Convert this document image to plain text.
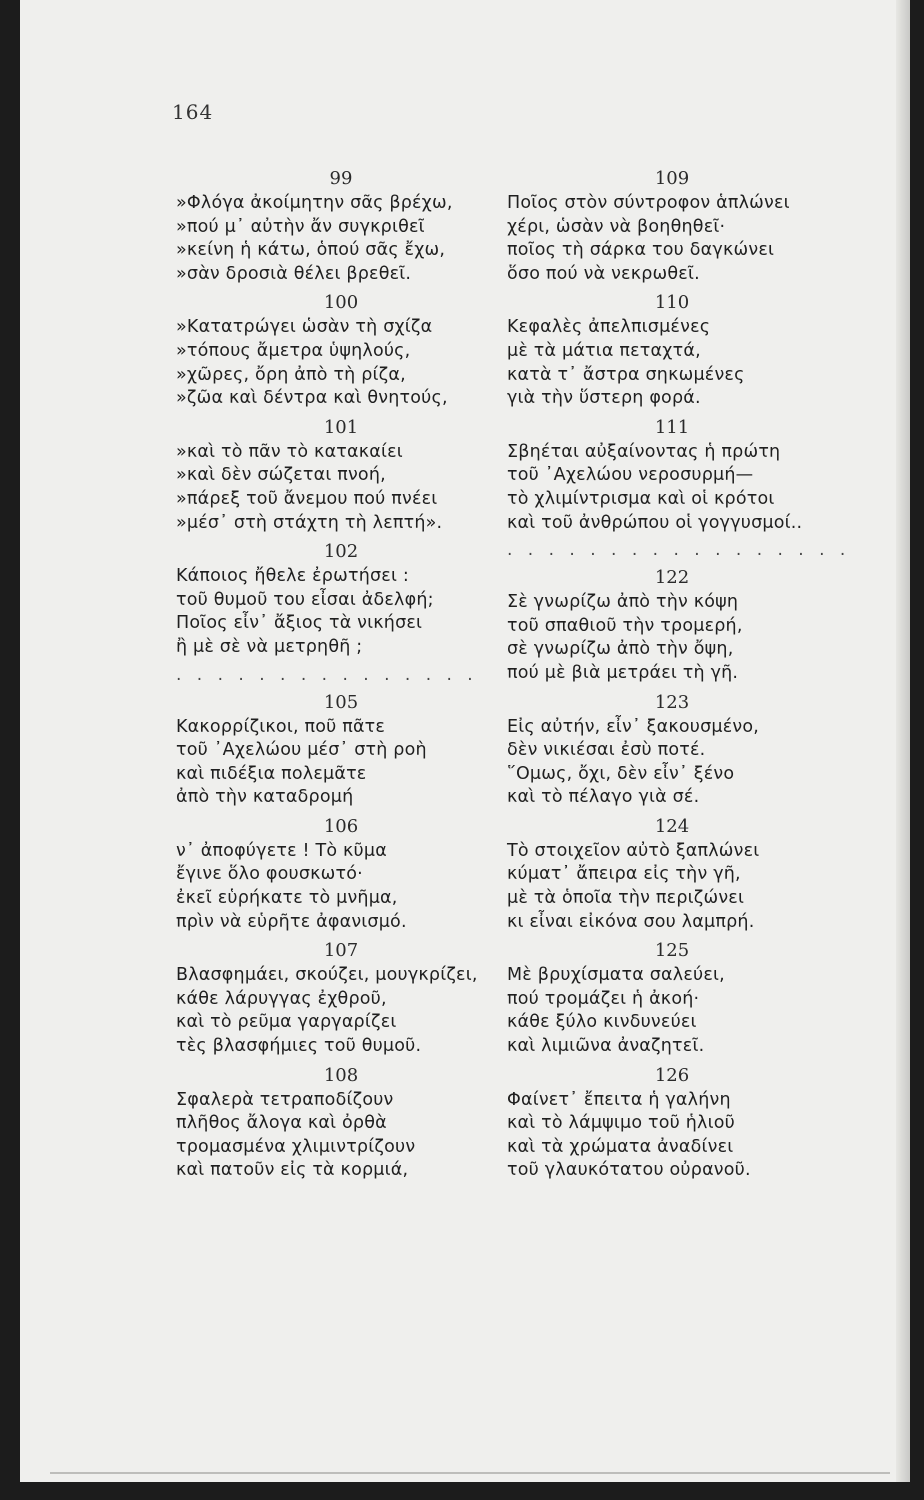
164
99
»Φλόγα ἀκοίμητην σᾶς βρέχω,
»πού μ᾿ αὐτὴν ἄν συγκριθεῖ
»κείνη ἡ κάτω, ὁπού σᾶς ἔχω,
»σὰν δροσιὰ θέλει βρεθεῖ.
100
»Κατατρώγει ὡσὰν τὴ σχίζα
»τόπους ἄμετρα ὑψηλούς,
»χῶρες, ὄρη ἀπὸ τὴ ρίζα,
»ζῶα καὶ δέντρα καὶ θνητούς,
101
»καὶ τὸ πᾶν τὸ κατακαίει
»καὶ δὲν σώζεται πνοή,
»πάρεξ τοῦ ἄνεμου πού πνέει
»μέσ᾿ στὴ στάχτη τὴ λεπτή».
102
Κάποιος ἤθελε ἐρωτήσει :
τοῦ θυμοῦ του εἶσαι ἀδελφή;
Ποῖος εἶν᾿ ἄξιος τὰ νικήσει
ἢ μὲ σὲ νὰ μετρηθῆ ;
. . . . . . . . . . . . . . .
105
Κακορρίζικοι, ποῦ πᾶτε
τοῦ ᾿Αχελώου μέσ᾿ στὴ ροὴ
καὶ πιδέξια πολεμᾶτε
ἀπὸ τὴν καταδρομή
106
ν᾿ ἀποφύγετε ! Τὸ κῦμα
ἔγινε ὅλο φουσκωτό·
ἐκεῖ εὑρήκατε τὸ μνῆμα,
πρὶν νὰ εὑρῆτε ἀφανισμό.
107
Βλασφημάει, σκούζει, μουγκρίζει,
κάθε λάρυγγας ἐχθροῦ,
καὶ τὸ ρεῦμα γαργαρίζει
τὲς βλασφήμιες τοῦ θυμοῦ.
108
Σφαλερὰ τετραποδίζουν
πλῆθος ἄλογα καὶ ὀρθὰ
τρομασμένα χλιμιντρίζουν
καὶ πατοῦν εἰς τὰ κορμιά,
109
Ποῖος στὸν σύντροφον ἁπλώνει
χέρι, ὡσὰν νὰ βοηθηθεῖ·
ποῖος τὴ σάρκα του δαγκώνει
ὅσο πού νὰ νεκρωθεῖ.
110
Κεφαλὲς ἀπελπισμένες
μὲ τὰ μάτια πεταχτά,
κατὰ τ᾿ ἄστρα σηκωμένες
γιὰ τὴν ὕστερη φορά.
111
Σβηέται αὐξαίνοντας ἡ πρώτη
τοῦ ᾿Αχελώου νεροσυρμή—
τὸ χλιμίντρισμα καὶ οἱ κρότοι
καὶ τοῦ ἀνθρώπου οἱ γογγυσμοί..
. . . . . . . . . . . . . . . . .
122
Σὲ γνωρίζω ἀπὸ τὴν κόψη
τοῦ σπαθιοῦ τὴν τρομερή,
σὲ γνωρίζω ἀπὸ τὴν ὄψη,
πού μὲ βιὰ μετράει τὴ γῆ.
123
Εἰς αὐτήν, εἶν᾿ ξακουσμένο,
δὲν νικιέσαι ἐσὺ ποτέ.
῞Ομως, ὄχι, δὲν εἶν᾿ ξένο
καὶ τὸ πέλαγο γιὰ σέ.
124
Τὸ στοιχεῖον αὐτὸ ξαπλώνει
κύματ᾿ ἄπειρα εἰς τὴν γῆ,
μὲ τὰ ὁποῖα τὴν περιζώνει
κι εἶναι εἰκόνα σου λαμπρή.
125
Μὲ βρυχίσματα σαλεύει,
πού τρομάζει ἡ ἀκοή·
κάθε ξύλο κινδυνεύει
καὶ λιμιῶνα ἀναζητεῖ.
126
Φαίνετ᾿ ἔπειτα ἡ γαλήνη
καὶ τὸ λάμψιμο τοῦ ἡλιοῦ
καὶ τὰ χρώματα ἀναδίνει
τοῦ γλαυκότατου οὐρανοῦ.
